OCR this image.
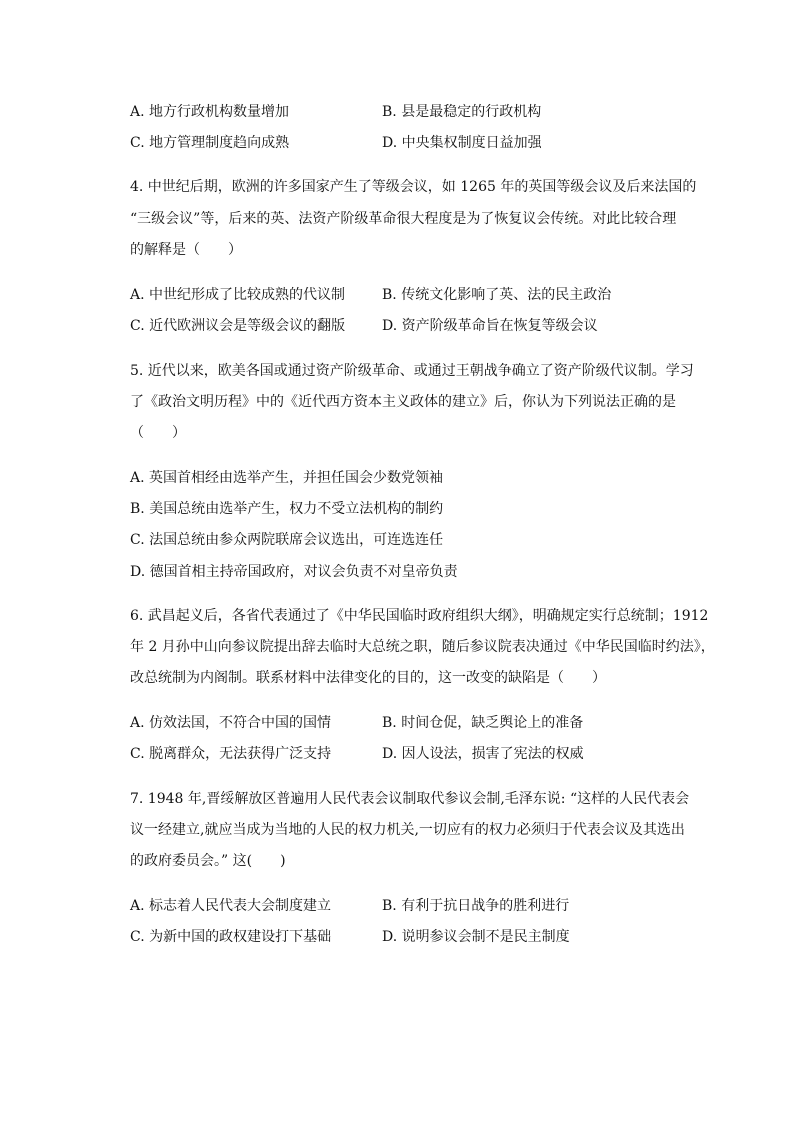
A. 地方行政机构数量增加	B. 县是最稳定的行政机构
C. 地方管理制度趋向成熟	D. 中央集权制度日益加强
4. 中世纪后期，欧洲的许多国家产生了等级会议，如 1265 年的英国等级会议及后来法国的
“三级会议”等，后来的英、法资产阶级革命很大程度是为了恢复议会传统。对此比较合理
的解释是（　　）
A. 中世纪形成了比较成熟的代议制	B. 传统文化影响了英、法的民主政治
C. 近代欧洲议会是等级会议的翻版	D. 资产阶级革命旨在恢复等级会议
5. 近代以来，欧美各国或通过资产阶级革命、或通过王朝战争确立了资产阶级代议制。学习
了《政治文明历程》中的《近代西方资本主义政体的建立》后，你认为下列说法正确的是
（　　）
A. 英国首相经由选举产生，并担任国会少数党领袖
B. 美国总统由选举产生，权力不受立法机构的制约
C. 法国总统由参众两院联席会议选出，可连选连任
D. 德国首相主持帝国政府，对议会负责不对皇帝负责
6. 武昌起义后，各省代表通过了《中华民国临时政府组织大纲》，明确规定实行总统制；1912
年 2 月孙中山向参议院提出辞去临时大总统之职，随后参议院表决通过《中华民国临时约法》，
改总统制为内阁制。联系材料中法律变化的目的，这一改变的缺陷是（　　）
A. 仿效法国，不符合中国的国情	B. 时间仓促，缺乏舆论上的准备
C. 脱离群众，无法获得广泛支持	D. 因人设法，损害了宪法的权威
7. 1948 年,晋绥解放区普遍用人民代表会议制取代参议会制,毛泽东说: “这样的人民代表会
议一经建立,就应当成为当地的人民的权力机关,一切应有的权力必须归于代表会议及其选出
的政府委员会。” 这(　　)
A. 标志着人民代表大会制度建立	B. 有利于抗日战争的胜利进行
C. 为新中国的政权建设打下基础	D. 说明参议会制不是民主制度
